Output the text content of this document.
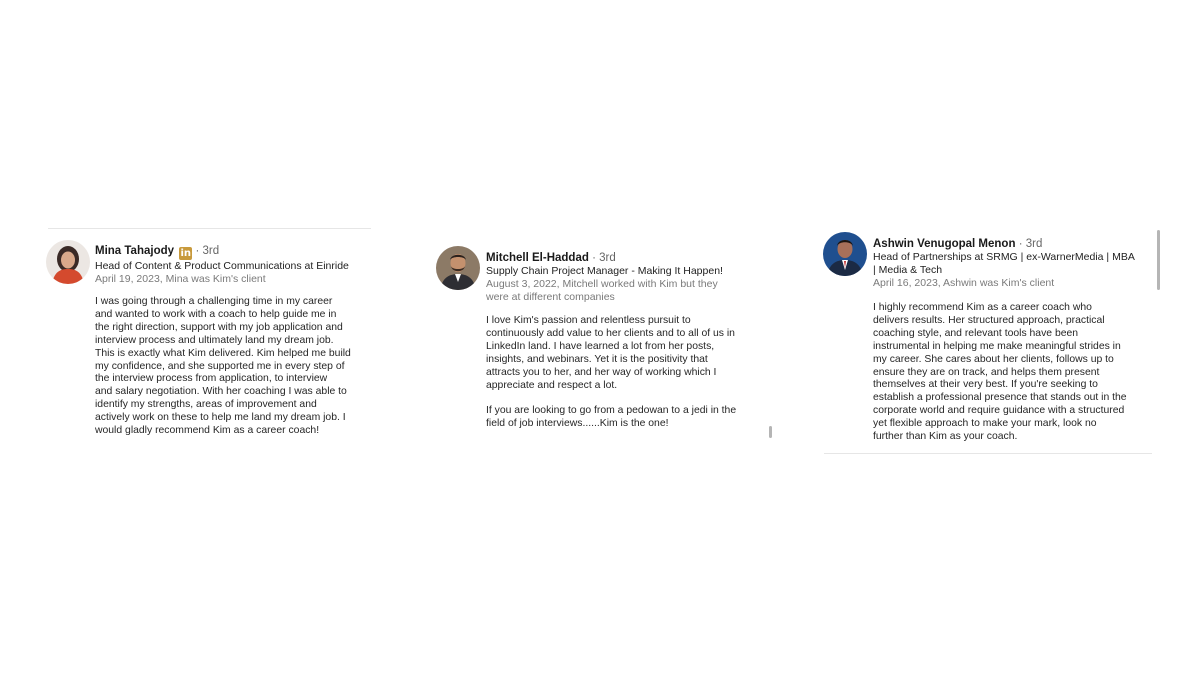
Mina Tahajody in · 3rd
Head of Content & Product Communications at Einride
April 19, 2023, Mina was Kim's client
I was going through a challenging time in my career
and wanted to work with a coach to help guide me in
the right direction, support with my job application and
interview process and ultimately land my dream job.
This is exactly what Kim delivered. Kim helped me build
my confidence, and she supported me in every step of
the interview process from application, to interview
and salary negotiation. With her coaching I was able to
identify my strengths, areas of improvement and
actively work on these to help me land my dream job. I
would gladly recommend Kim as a career coach!
Mitchell El-Haddad · 3rd
Supply Chain Project Manager - Making It Happen!
August 3, 2022, Mitchell worked with Kim but they
were at different companies
I love Kim's passion and relentless pursuit to
continuously add value to her clients and to all of us in
LinkedIn land. I have learned a lot from her posts,
insights, and webinars. Yet it is the positivity that
attracts you to her, and her way of working which I
appreciate and respect a lot.

If you are looking to go from a pedowan to a jedi in the
field of job interviews......Kim is the one!
Ashwin Venugopal Menon · 3rd
Head of Partnerships at SRMG | ex-WarnerMedia | MBA
| Media & Tech
April 16, 2023, Ashwin was Kim's client
I highly recommend Kim as a career coach who
delivers results. Her structured approach, practical
coaching style, and relevant tools have been
instrumental in helping me make meaningful strides in
my career. She cares about her clients, follows up to
ensure they are on track, and helps them present
themselves at their very best. If you're seeking to
establish a professional presence that stands out in the
corporate world and require guidance with a structured
yet flexible approach to make your mark, look no
further than Kim as your coach.
